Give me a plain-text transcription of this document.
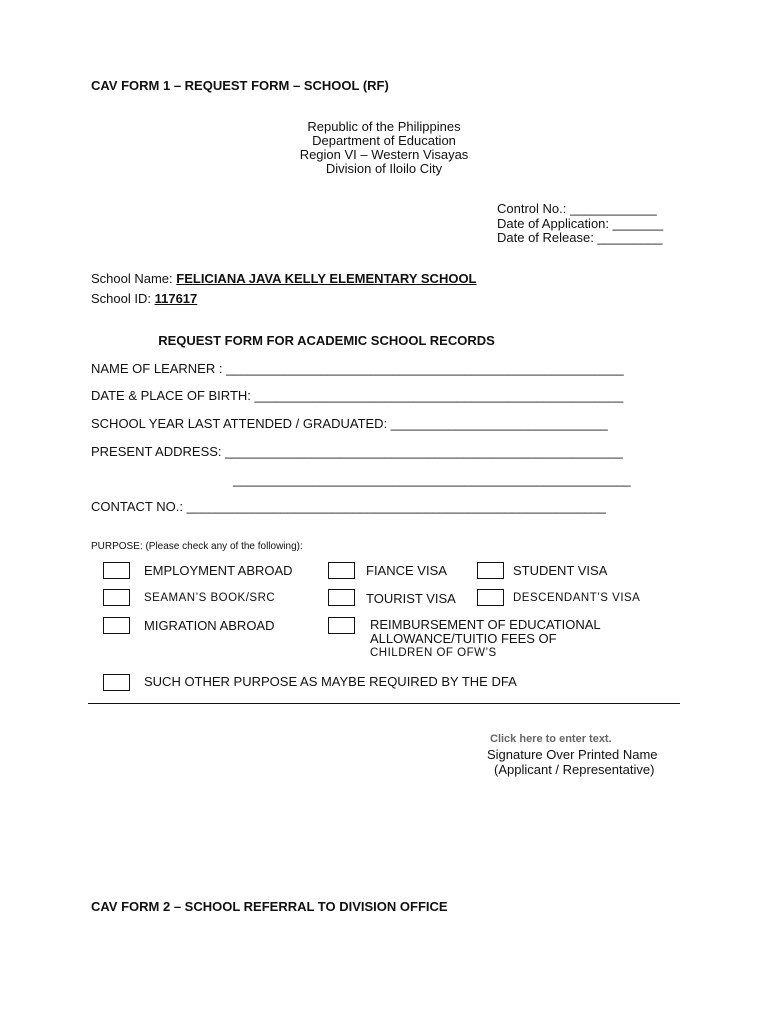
CAV FORM 1 – REQUEST FORM – SCHOOL (RF)
Republic of the Philippines
Department of Education
Region VI – Western Visayas
Division of Iloilo City
Control No.: ____________
Date of Application: _______
Date of Release: _________
School Name: FELICIANA JAVA KELLY ELEMENTARY SCHOOL
School ID: 117617
REQUEST FORM FOR ACADEMIC SCHOOL RECORDS
NAME OF LEARNER : _______________________________________________________
DATE & PLACE OF BIRTH: ___________________________________________________
SCHOOL YEAR LAST ATTENDED / GRADUATED: ______________________________
PRESENT ADDRESS: _______________________________________________________
_______________________________________________________
CONTACT NO.: __________________________________________________________
PURPOSE: (Please check any of the following):
EMPLOYMENT ABROAD	FIANCE VISA	STUDENT VISA
SEAMAN’S BOOK/SRC	TOURIST VISA	DESCENDANT’S VISA
MIGRATION ABROAD	REIMBURSEMENT OF EDUCATIONAL
ALLOWANCE/TUITIO FEES OF
CHILDREN OF OFW’S
SUCH OTHER PURPOSE AS MAYBE REQUIRED BY THE DFA
Click here to enter text.
Signature Over Printed Name
(Applicant / Representative)
CAV FORM 2 – SCHOOL REFERRAL TO DIVISION OFFICE
